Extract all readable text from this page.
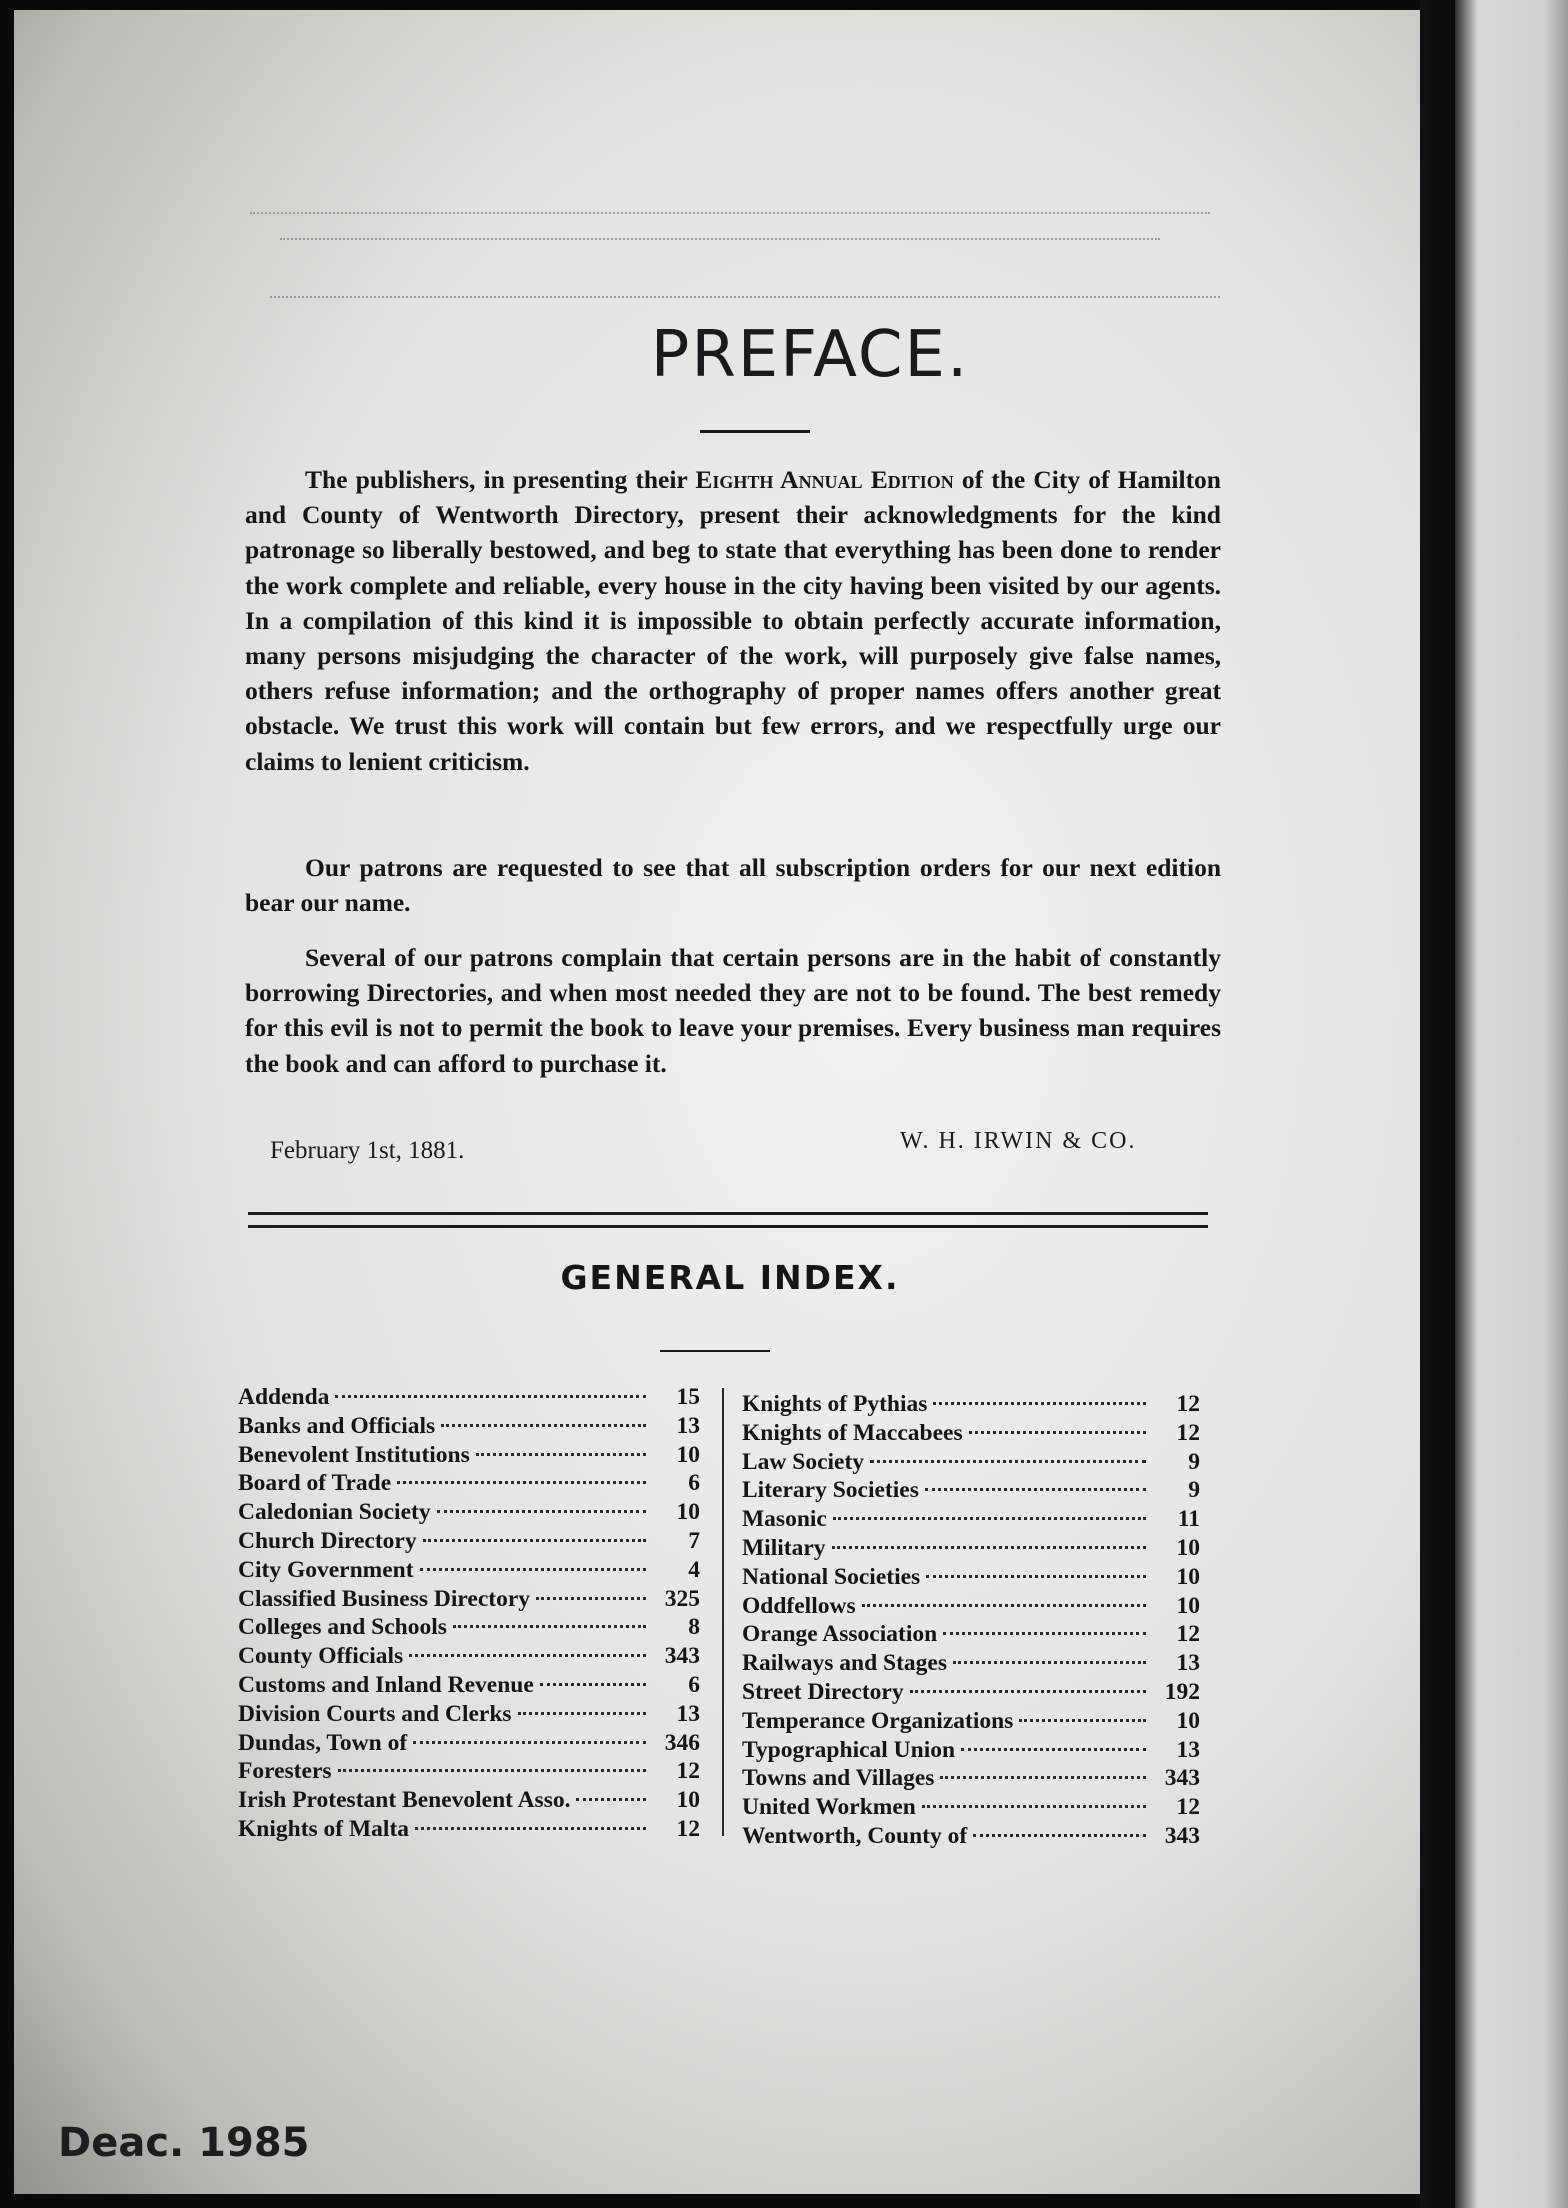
PREFACE.

The publishers, in presenting their Eighth Annual Edition of the City of Hamilton and County of Wentworth Directory, present their acknowledgments for the kind patronage so liberally bestowed, and beg to state that everything has been done to render the work complete and reliable, every house in the city having been visited by our agents. In a compilation of this kind it is impossible to obtain perfectly accurate information, many persons misjudging the character of the work, will purposely give false names, others refuse information; and the orthography of proper names offers another great obstacle. We trust this work will contain but few errors, and we respectfully urge our claims to lenient criticism.

Our patrons are requested to see that all subscription orders for our next edition bear our name.

Several of our patrons complain that certain persons are in the habit of constantly borrowing Directories, and when most needed they are not to be found. The best remedy for this evil is not to permit the book to leave your premises. Every business man requires the book and can afford to purchase it.

February 1st, 1881.	W. H. IRWIN & CO.

GENERAL INDEX.
Addenda	15
Banks and Officials	13
Benevolent Institutions	10
Board of Trade	6
Caledonian Society	10
Church Directory	7
City Government	4
Classified Business Directory	325
Colleges and Schools	8
County Officials	343
Customs and Inland Revenue	6
Division Courts and Clerks	13
Dundas, Town of	346
Foresters	12
Irish Protestant Benevolent Asso.	10
Knights of Malta	12
Knights of Pythias	12
Knights of Maccabees	12
Law Society	9
Literary Societies	9
Masonic	11
Military	10
National Societies	10
Oddfellows	10
Orange Association	12
Railways and Stages	13
Street Directory	192
Temperance Organizations	10
Typographical Union	13
Towns and Villages	343
United Workmen	12
Wentworth, County of	343

Deac. 1985
